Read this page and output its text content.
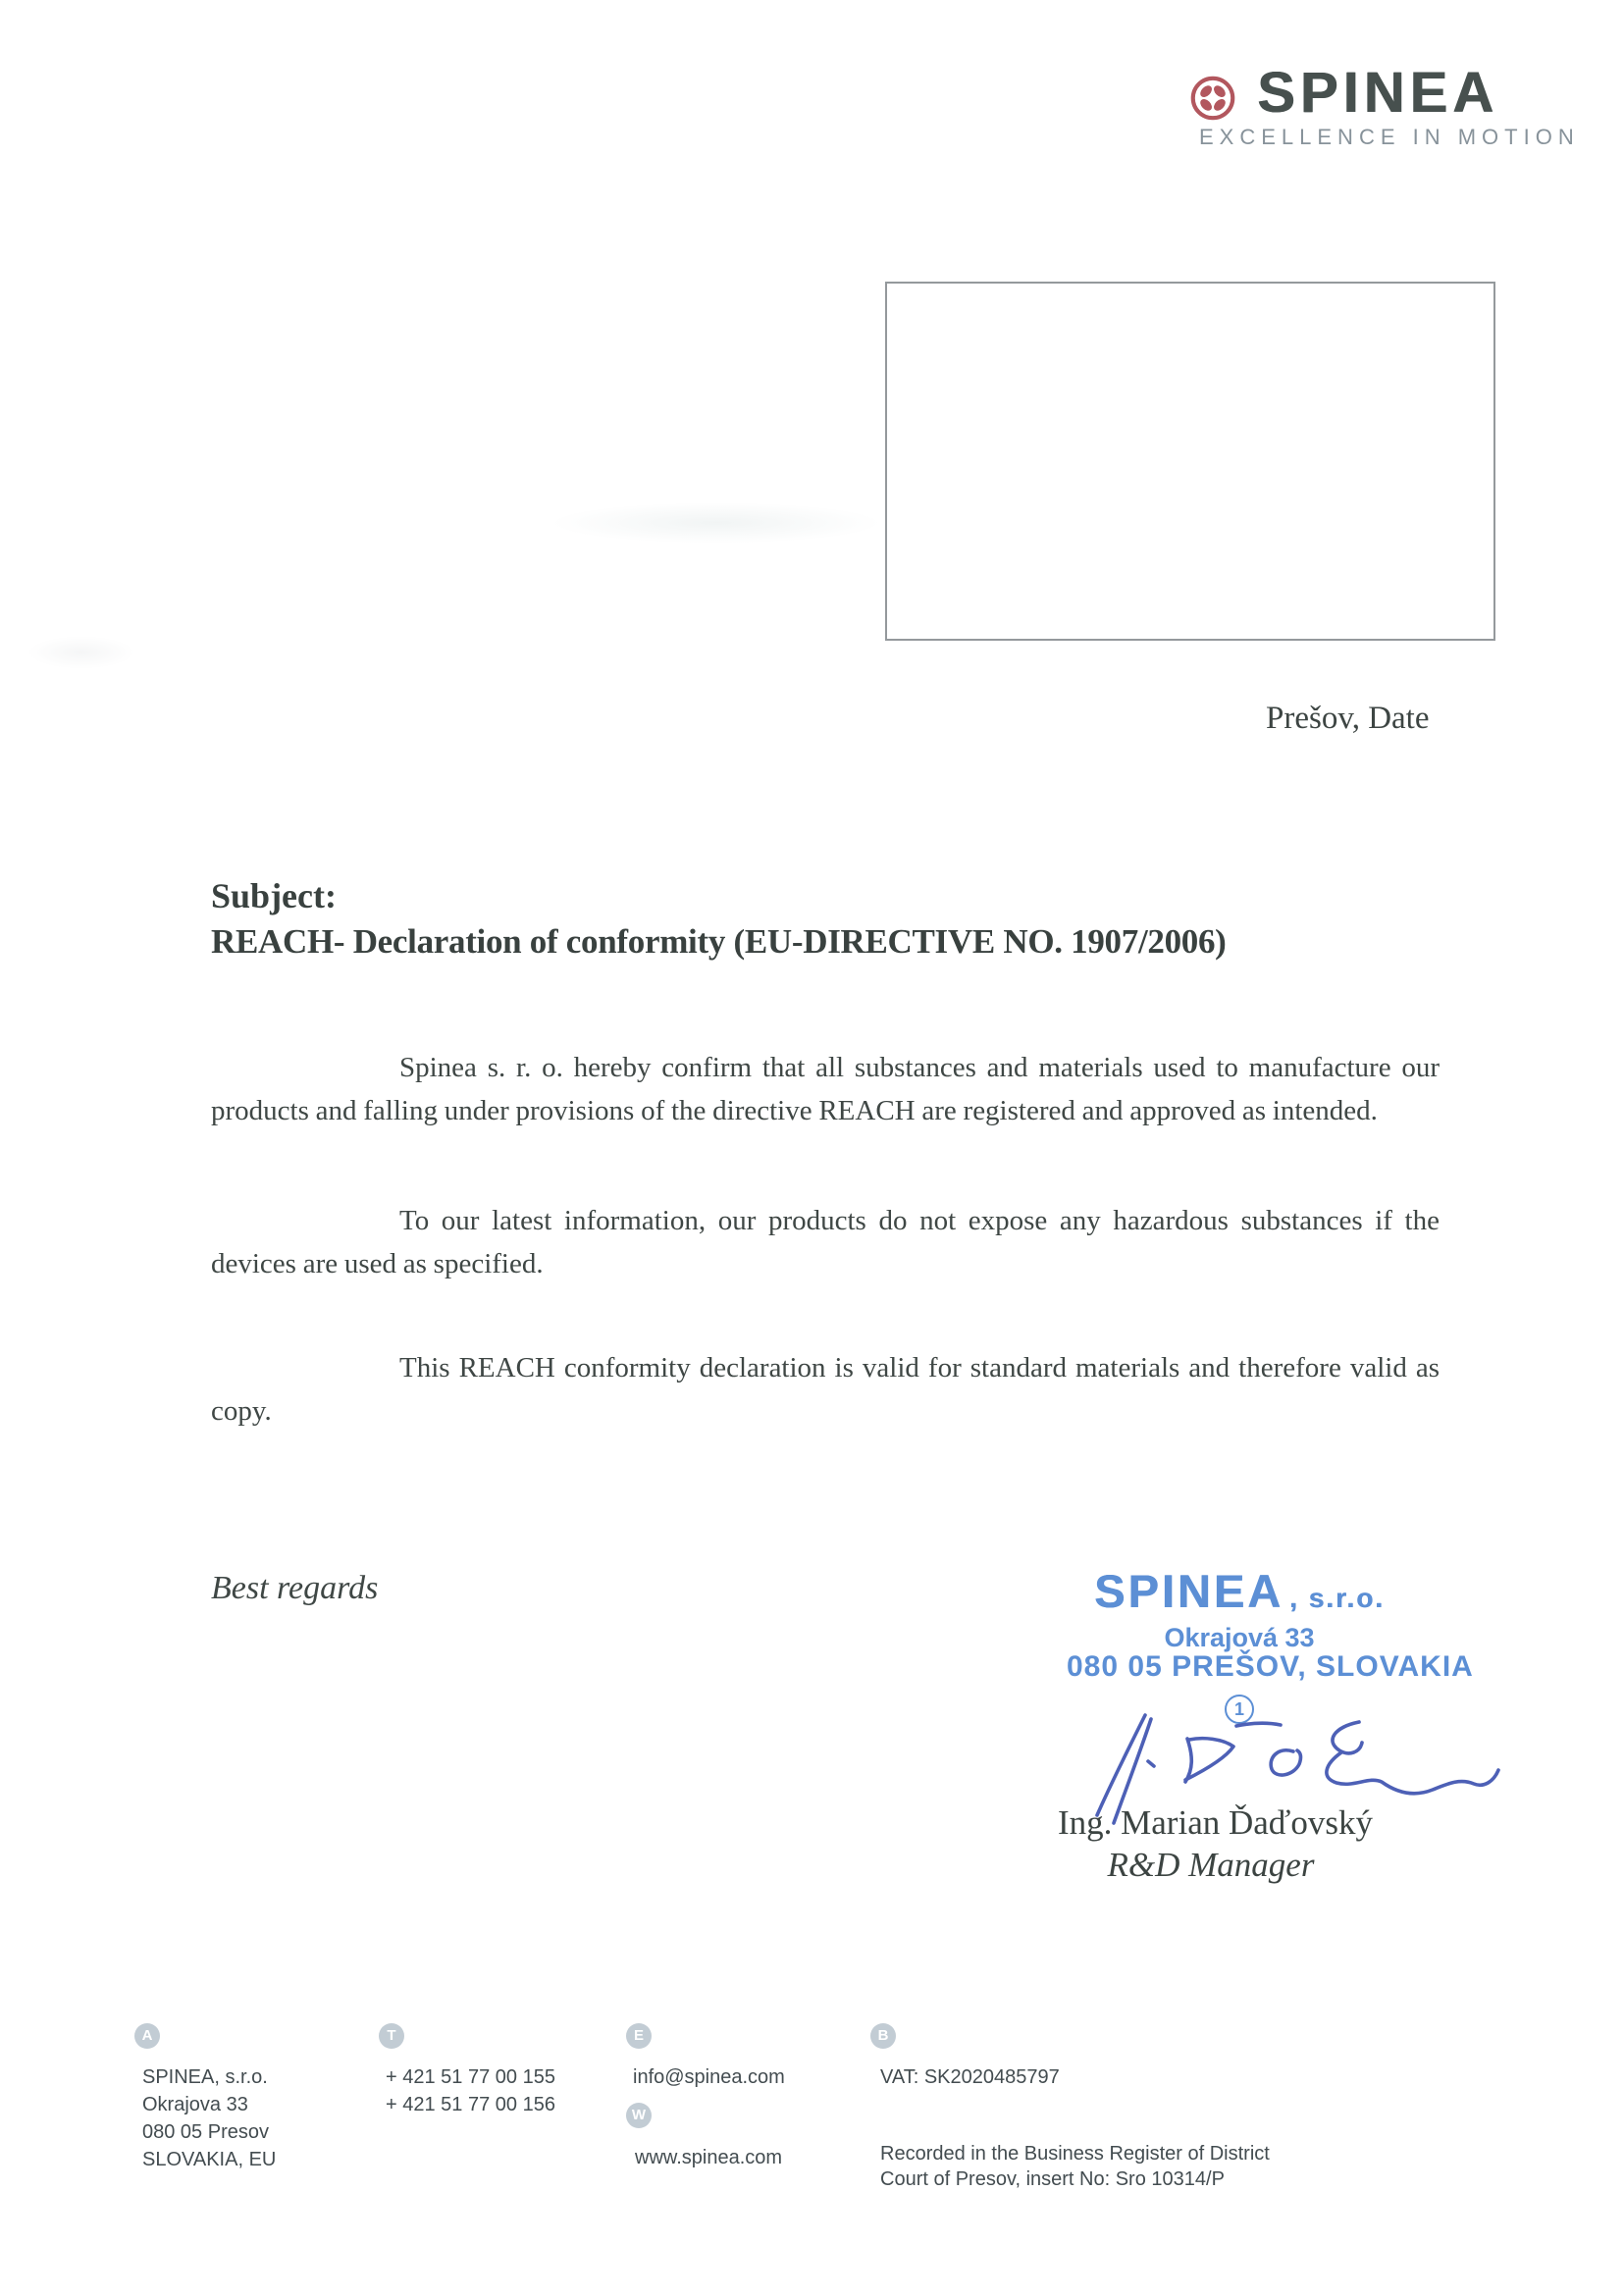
SPINEA
EXCELLENCE IN MOTION
Prešov, Date
Subject:
REACH- Declaration of conformity (EU-DIRECTIVE NO. 1907/2006)
Spinea s. r. o. hereby confirm that all substances and materials used to manufacture our products and falling under provisions of the directive REACH are registered and approved as intended.
To our latest information, our products do not expose any hazardous substances if the devices are used as specified.
This REACH conformity declaration is valid for standard materials and therefore valid as copy.
Best regards	SPINEA , s.r.o.
Okrajová 33
080 05 PREŠOV, SLOVAKIA
1
Ing. Marian Ďaďovský
R&D Manager
A
SPINEA, s.r.o.
Okrajova 33
080 05 Presov
SLOVAKIA, EU
T
+ 421 51 77 00 155
+ 421 51 77 00 156
E
info@spinea.com
W
www.spinea.com
B
VAT: SK2020485797
Recorded in the Business Register of District Court of Presov, insert No: Sro 10314/P
